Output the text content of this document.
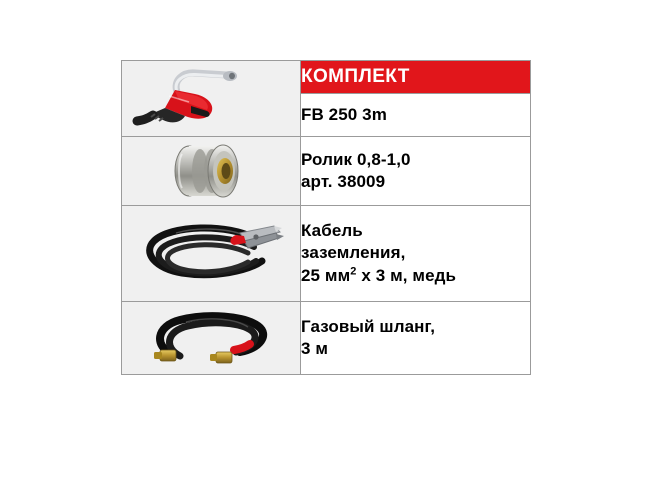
	КОМПЛЕКТ

	FB 250 3m

Ролик 0,8-1,0
арт. 38009

Кабель
заземления,
25 $мм^2$ x 3 м, медь

Газовый шланг,
3 м
